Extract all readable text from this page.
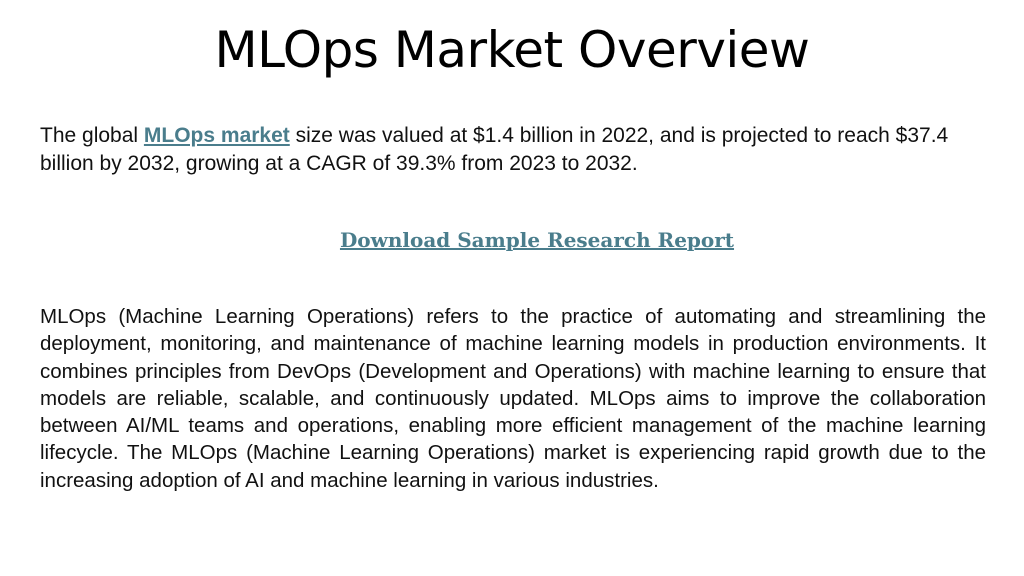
MLOps Market Overview

The global MLOps market size was valued at $1.4 billion in 2022, and is projected to reach $37.4 billion by 2032, growing at a CAGR of 39.3% from 2023 to 2032.

Download Sample Research Report

MLOps (Machine Learning Operations) refers to the practice of automating and streamlining the deployment, monitoring, and maintenance of machine learning models in production environments. It combines principles from DevOps (Development and Operations) with machine learning to ensure that models are reliable, scalable, and continuously updated. MLOps aims to improve the collaboration between AI/ML teams and operations, enabling more efficient management of the machine learning lifecycle. The MLOps (Machine Learning Operations) market is experiencing rapid growth due to the increasing adoption of AI and machine learning in various industries.
